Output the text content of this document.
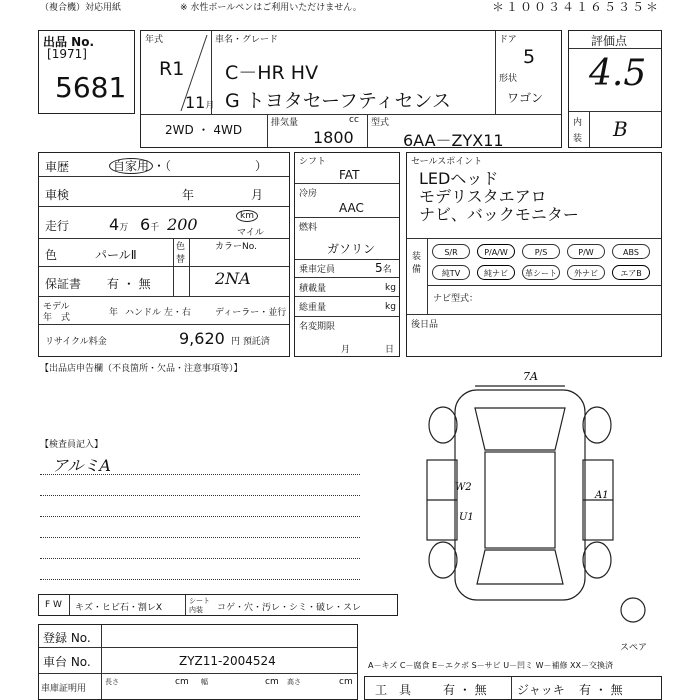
（複合機）対応用紙	※ 水性ボールペンはご利用いただけません。	＊１００３４１６５３５＊
出品 No.
[1971]
5681
年式
R1
11月
車名・グレード
C－HR HV
G トヨタセーフティセンス
ドア
5
形状
ワゴン
2WD ・ 4WD	排気量	cc
1800
型式
6AA－ZYX11
評価点
4.5
内
装 B
車歴	自家用 ・（　　　　　　　）
車検	年	月
走行 4万 6千 200	km
マイル
色	パールⅡ
色
替
カラーNo.
2NA
保証書 有 ・ 無
モデル
年　式	年 ハンドル 左・右	ディーラー・並行
リサイクル料金	9,620 円 預託済
シフト
FAT
冷房
AAC
燃料
ガソリン
乗車定員	5名
積載量	kg
総重量	kg
名変期限
月	日
セールスポイント
LEDヘッド
モデリスタエアロ
ナビ、バックモニター
装備
S/R	P/A/W	P/S	P/W	ABS
純TV	純ナビ	革シート	外ナビ	エアB
ナビ型式：
後日品
【出品店申告欄（不良箇所・欠品・注意事項等）】
【検査員記入】
アルミA
7A
W2
U1
A1
スペア
F W キズ・ヒビ石・割レX
シート
内装 コゲ・穴・汚レ・シミ・破レ・スレ
登録 No.
車台 No.	ZYZ11-2004524
車庫証明用
長さ	cm 幅	cm 高さ	cm
A－キズ C－腐食 E－エクボ S－サビ U－凹ミ W－補修 XX－交換済
工　具	有 ・ 無	ジャッキ 有 ・ 無
